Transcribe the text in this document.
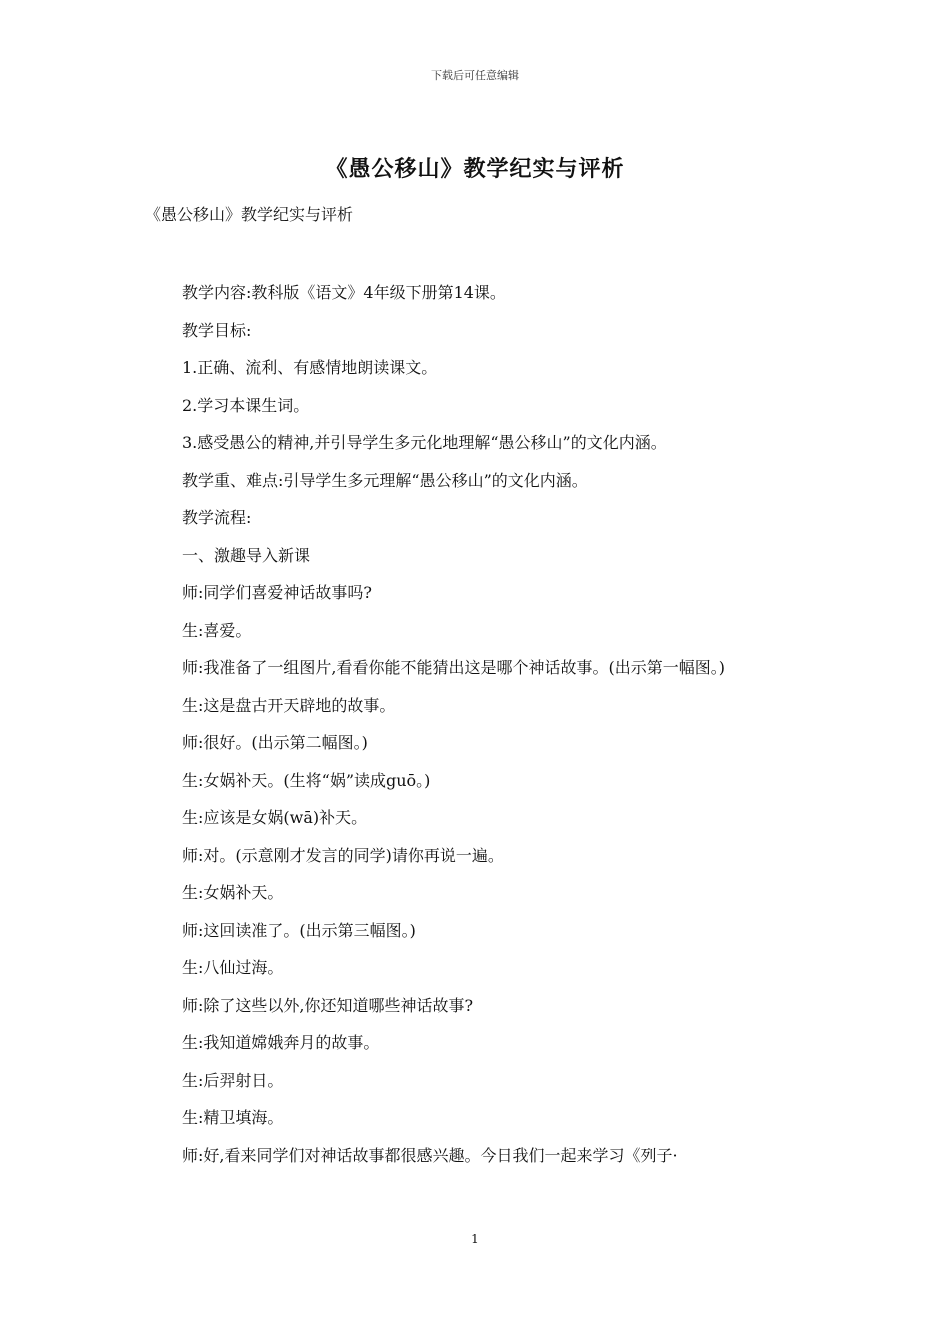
下载后可任意编辑
《愚公移山》教学纪实与评析
《愚公移山》教学纪实与评析

教学内容:教科版《语文》4年级下册第14课。

教学目标:

1.正确、流利、有感情地朗读课文。

2.学习本课生词。

3.感受愚公的精神,并引导学生多元化地理解“愚公移山”的文化内涵。

教学重、难点:引导学生多元理解“愚公移山”的文化内涵。

教学流程:

一、激趣导入新课

师:同学们喜爱神话故事吗?

生:喜爱。

师:我准备了一组图片,看看你能不能猜出这是哪个神话故事。(出示第一幅图。)

生:这是盘古开天辟地的故事。

师:很好。(出示第二幅图。)

生:女娲补天。(生将“娲”读成guō。)

生:应该是女娲(wā)补天。

师:对。(示意刚才发言的同学)请你再说一遍。

生:女娲补天。

师:这回读准了。(出示第三幅图。)

生:八仙过海。

师:除了这些以外,你还知道哪些神话故事?

生:我知道嫦娥奔月的故事。

生:后羿射日。

生:精卫填海。

师:好,看来同学们对神话故事都很感兴趣。今日我们一起来学习《列子·

1
